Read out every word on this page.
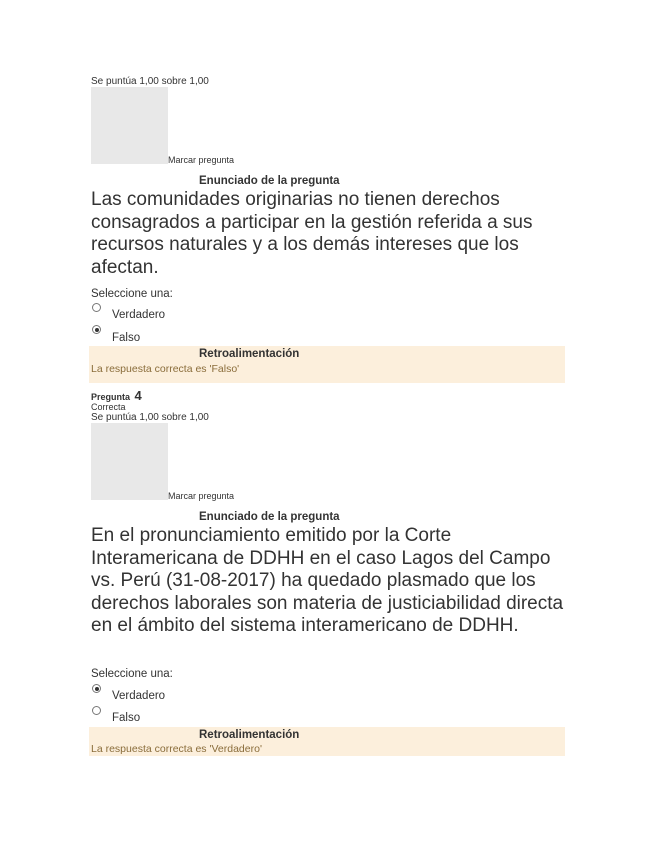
Se puntúa 1,00 sobre 1,00
Marcar pregunta
Enunciado de la pregunta
Las comunidades originarias no tienen derechos consagrados a participar en la gestión referida a sus recursos naturales y a los demás intereses que los afectan.
Seleccione una:
Verdadero
Falso
Retroalimentación
La respuesta correcta es 'Falso'
Pregunta 4
Correcta
Se puntúa 1,00 sobre 1,00
Marcar pregunta
Enunciado de la pregunta
En el pronunciamiento emitido por la Corte Interamericana de DDHH en el caso Lagos del Campo vs. Perú (31-08-2017) ha quedado plasmado que los derechos laborales son materia de justiciabilidad directa en el ámbito del sistema interamericano de DDHH.
Seleccione una:
Verdadero
Falso
Retroalimentación
La respuesta correcta es 'Verdadero'
